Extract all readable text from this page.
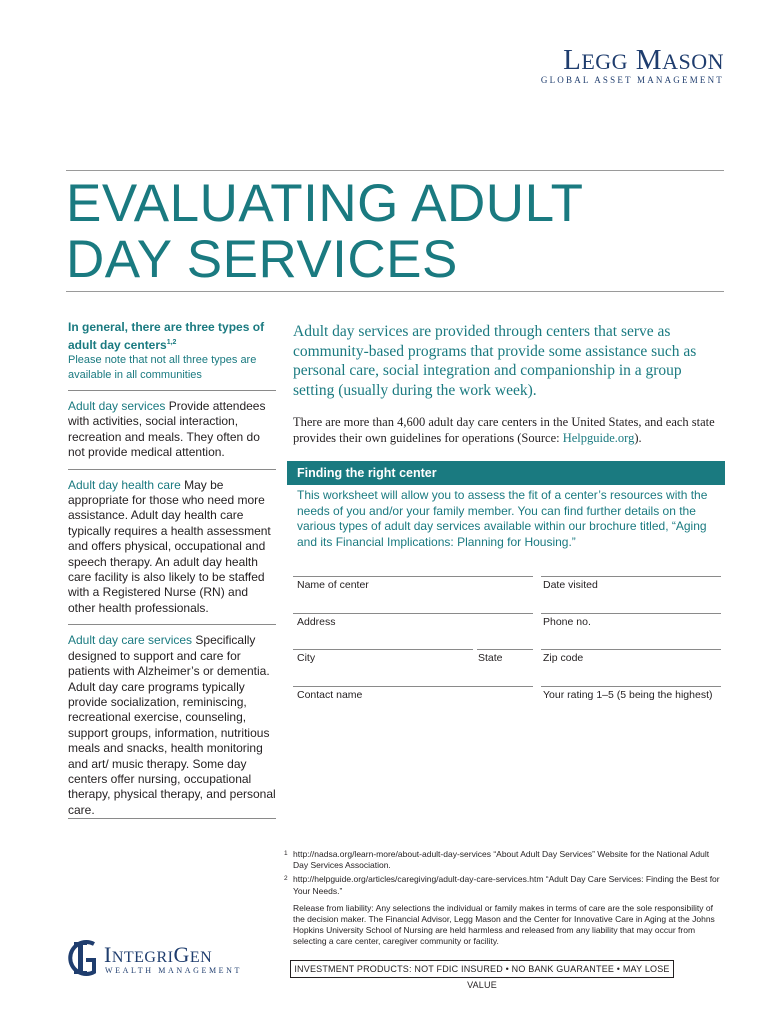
LEGG MASON
GLOBAL ASSET MANAGEMENT
EVALUATING ADULT
DAY SERVICES
In general, there are three types of adult day centers$^{1,2}$
Please note that not all three types are available in all communities
Adult day services Provide attendees with activities, social interaction, recreation and meals. They often do not provide medical attention.
Adult day health care May be appropriate for those who need more assistance. Adult day health care typically requires a health assessment and offers physical, occupational and speech therapy. An adult day health care facility is also likely to be staffed with a Registered Nurse (RN) and other health professionals.
Adult day care services Specifically designed to support and care for patients with Alzheimer’s or dementia. Adult day care programs typically provide socialization, reminiscing, recreational exercise, counseling, support groups, information, nutritious meals and snacks, health monitoring and art/ music therapy. Some day centers offer nursing, occupational therapy, physical therapy, and personal care.

Adult day services are provided through centers that serve as community-based programs that provide some assistance such as personal care, social integration and companionship in a group setting (usually during the work week).

There are more than 4,600 adult day care centers in the United States, and each state provides their own guidelines for operations (Source: Helpguide.org).

Finding the right center

This worksheet will allow you to assess the fit of a center’s resources with the needs of you and/or your family member. You can find further details on the various types of adult day services available within our brochure titled, “Aging and its Financial Implications: Planning for Housing.”

Name of center	Date visited
Address	Phone no.
City	State	Zip code
Contact name	Your rating 1–5 (5 being the highest)
1 http://nadsa.org/learn-more/about-adult-day-services “About Adult Day Services” Website for the National Adult Day Services Association.
2 http://helpguide.org/articles/caregiving/adult-day-care-services.htm “Adult Day Care Services: Finding the Best for Your Needs.”
Release from liability: Any selections the individual or family makes in terms of care are the sole responsibility of the decision maker. The Financial Advisor, Legg Mason and the Center for Innovative Care in Aging at the Johns Hopkins University School of Nursing are held harmless and released from any liability that may occur from selecting a care center, caregiver community or facility.
INVESTMENT PRODUCTS: NOT FDIC INSURED • NO BANK GUARANTEE • MAY LOSE VALUE
INTEGRIGEN
WEALTH MANAGEMENT
